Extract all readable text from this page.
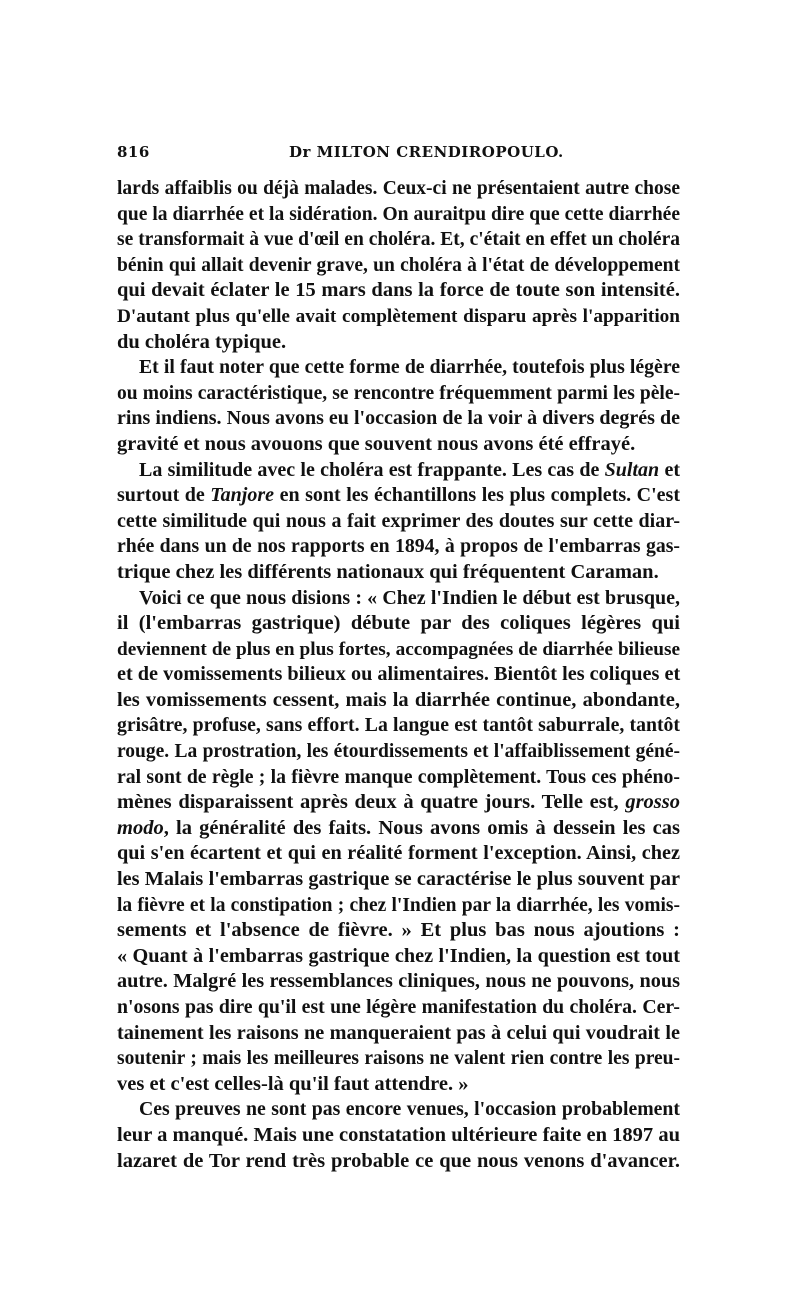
816	Dr MILTON CRENDIROPOULO.
lards affaiblis ou déjà malades. Ceux-ci ne présentaient autre chose
que la diarrhée et la sidération. On auraitpu dire que cette diarrhée
se transformait à vue d'œil en choléra. Et, c'était en effet un choléra
bénin qui allait devenir grave, un choléra à l'état de développement
qui devait éclater le 15 mars dans la force de toute son intensité.
D'autant plus qu'elle avait complètement disparu après l'apparition
du choléra typique.
Et il faut noter que cette forme de diarrhée, toutefois plus légère
ou moins caractéristique, se rencontre fréquemment parmi les pèle-
rins indiens. Nous avons eu l'occasion de la voir à divers degrés de
gravité et nous avouons que souvent nous avons été effrayé.
La similitude avec le choléra est frappante. Les cas de Sultan et
surtout de Tanjore en sont les échantillons les plus complets. C'est
cette similitude qui nous a fait exprimer des doutes sur cette diar-
rhée dans un de nos rapports en 1894, à propos de l'embarras gas-
trique chez les différents nationaux qui fréquentent Caraman.
Voici ce que nous disions : « Chez l'Indien le début est brusque,
il (l'embarras gastrique) débute par des coliques légères qui
deviennent de plus en plus fortes, accompagnées de diarrhée bilieuse
et de vomissements bilieux ou alimentaires. Bientôt les coliques et
les vomissements cessent, mais la diarrhée continue, abondante,
grisâtre, profuse, sans effort. La langue est tantôt saburrale, tantôt
rouge. La prostration, les étourdissements et l'affaiblissement géné-
ral sont de règle ; la fièvre manque complètement. Tous ces phéno-
mènes disparaissent après deux à quatre jours. Telle est, grosso
modo, la généralité des faits. Nous avons omis à dessein les cas
qui s'en écartent et qui en réalité forment l'exception. Ainsi, chez
les Malais l'embarras gastrique se caractérise le plus souvent par
la fièvre et la constipation ; chez l'Indien par la diarrhée, les vomis-
sements et l'absence de fièvre. » Et plus bas nous ajoutions :
« Quant à l'embarras gastrique chez l'Indien, la question est tout
autre. Malgré les ressemblances cliniques, nous ne pouvons, nous
n'osons pas dire qu'il est une légère manifestation du choléra. Cer-
tainement les raisons ne manqueraient pas à celui qui voudrait le
soutenir ; mais les meilleures raisons ne valent rien contre les preu-
ves et c'est celles-là qu'il faut attendre. »
Ces preuves ne sont pas encore venues, l'occasion probablement
leur a manqué. Mais une constatation ultérieure faite en 1897 au
lazaret de Tor rend très probable ce que nous venons d'avancer.
